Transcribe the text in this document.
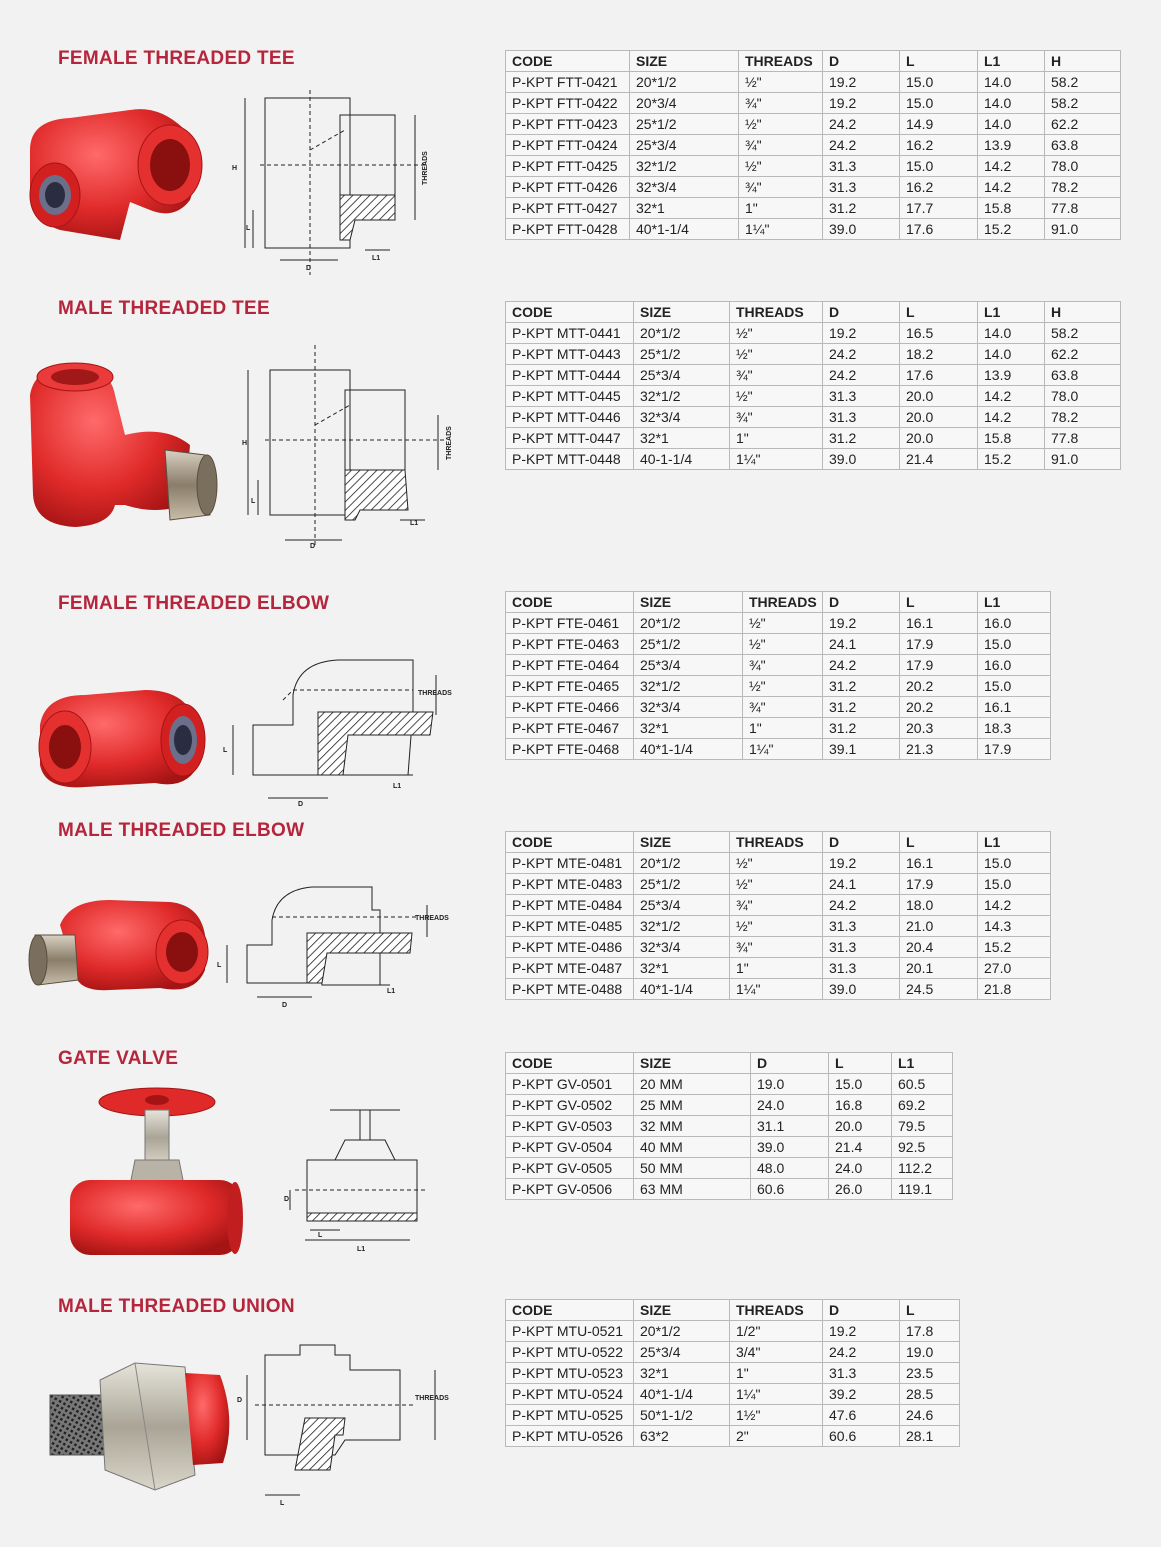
FEMALE THREADED TEE
H
L
D
L1
THREADS
CODE	SIZE	THREADS	D	L	L1	H
P-KPT FTT-0421	20*1/2	½"	19.2	15.0	14.0	58.2
P-KPT FTT-0422	20*3/4	¾"	19.2	15.0	14.0	58.2
P-KPT FTT-0423	25*1/2	½"	24.2	14.9	14.0	62.2
P-KPT FTT-0424	25*3/4	¾"	24.2	16.2	13.9	63.8
P-KPT FTT-0425	32*1/2	½"	31.3	15.0	14.2	78.0
P-KPT FTT-0426	32*3/4	¾"	31.3	16.2	14.2	78.2
P-KPT FTT-0427	32*1	1"	31.2	17.7	15.8	77.8
P-KPT FTT-0428	40*1-1/4	1¼"	39.0	17.6	15.2	91.0
MALE THREADED TEE
H
L
D
L1
THREADS
CODE	SIZE	THREADS	D	L	L1	H
P-KPT MTT-0441	20*1/2	½"	19.2	16.5	14.0	58.2
P-KPT MTT-0443	25*1/2	½"	24.2	18.2	14.0	62.2
P-KPT MTT-0444	25*3/4	¾"	24.2	17.6	13.9	63.8
P-KPT MTT-0445	32*1/2	½"	31.3	20.0	14.2	78.0
P-KPT MTT-0446	32*3/4	¾"	31.3	20.0	14.2	78.2
P-KPT MTT-0447	32*1	1"	31.2	20.0	15.8	77.8
P-KPT MTT-0448	40-1-1/4	1¼"	39.0	21.4	15.2	91.0
FEMALE THREADED ELBOW
L
D
L1
THREADS
CODE	SIZE	THREADS	D	L	L1
P-KPT FTE-0461	20*1/2	½"	19.2	16.1	16.0
P-KPT FTE-0463	25*1/2	½"	24.1	17.9	15.0
P-KPT FTE-0464	25*3/4	¾"	24.2	17.9	16.0
P-KPT FTE-0465	32*1/2	½"	31.2	20.2	15.0
P-KPT FTE-0466	32*3/4	¾"	31.2	20.2	16.1
P-KPT FTE-0467	32*1	1"	31.2	20.3	18.3
P-KPT FTE-0468	40*1-1/4	1¼"	39.1	21.3	17.9
MALE THREADED ELBOW
L
D
L1
THREADS
CODE	SIZE	THREADS	D	L	L1
P-KPT MTE-0481	20*1/2	½"	19.2	16.1	15.0
P-KPT MTE-0483	25*1/2	½"	24.1	17.9	15.0
P-KPT MTE-0484	25*3/4	¾"	24.2	18.0	14.2
P-KPT MTE-0485	32*1/2	½"	31.3	21.0	14.3
P-KPT MTE-0486	32*3/4	¾"	31.3	20.4	15.2
P-KPT MTE-0487	32*1	1"	31.3	20.1	27.0
P-KPT MTE-0488	40*1-1/4	1¼"	39.0	24.5	21.8
GATE VALVE
D
L
L1
CODE	SIZE	D	L	L1
P-KPT GV-0501	20 MM	19.0	15.0	60.5
P-KPT GV-0502	25 MM	24.0	16.8	69.2
P-KPT GV-0503	32 MM	31.1	20.0	79.5
P-KPT GV-0504	40 MM	39.0	21.4	92.5
P-KPT GV-0505	50 MM	48.0	24.0	112.2
P-KPT GV-0506	63 MM	60.6	26.0	119.1
MALE THREADED UNION
D
L
THREADS
CODE	SIZE	THREADS	D	L
P-KPT MTU-0521	20*1/2	1/2"	19.2	17.8
P-KPT MTU-0522	25*3/4	3/4"	24.2	19.0
P-KPT MTU-0523	32*1	1"	31.3	23.5
P-KPT MTU-0524	40*1-1/4	1¼"	39.2	28.5
P-KPT MTU-0525	50*1-1/2	1½"	47.6	24.6
P-KPT MTU-0526	63*2	2"	60.6	28.1
